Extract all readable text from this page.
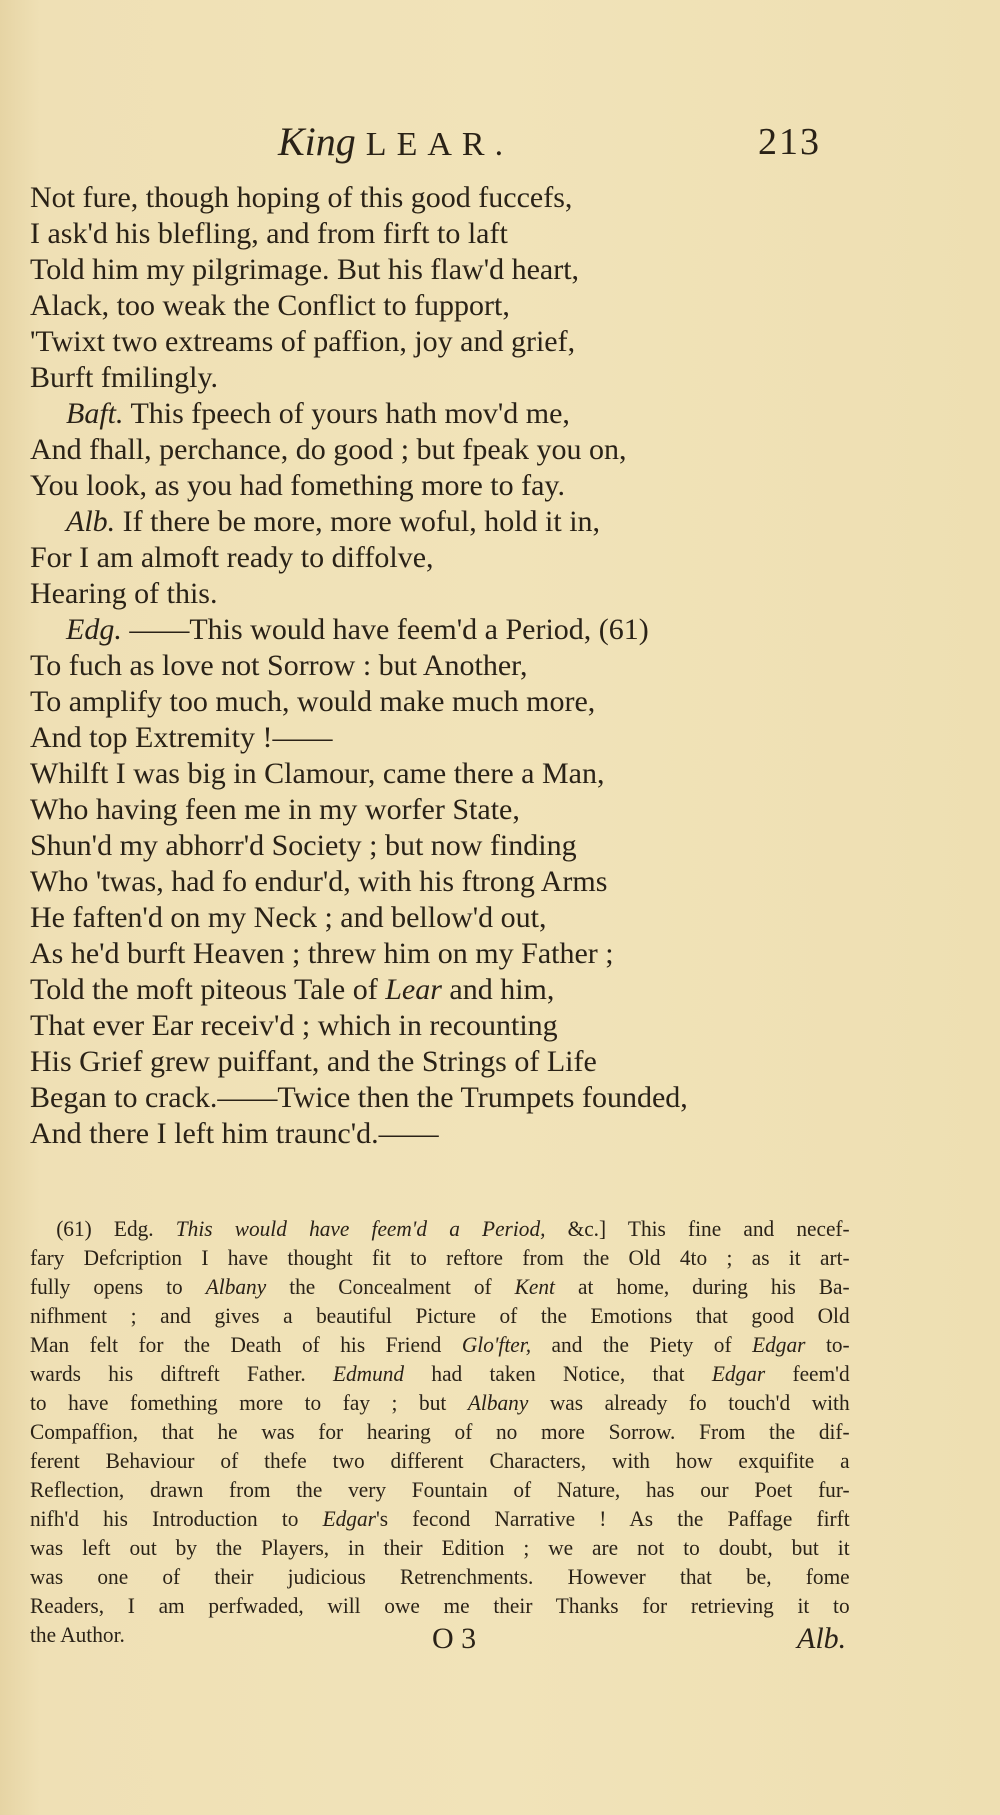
King LEAR.	213
Not fure, though hoping of this good fuccefs,
I ask'd his blefling, and from firft to laft
Told him my pilgrimage. But his flaw'd heart,
Alack, too weak the Conflict to fupport,
'Twixt two extreams of paffion, joy and grief,
Burft fmilingly.
Baft. This fpeech of yours hath mov'd me,
And fhall, perchance, do good ; but fpeak you on,
You look, as you had fomething more to fay.
Alb. If there be more, more woful, hold it in,
For I am almoft ready to diffolve,
Hearing of this.
Edg. ——This would have feem'd a Period, (61)
To fuch as love not Sorrow : but Another,
To amplify too much, would make much more,
And top Extremity !——
Whilft I was big in Clamour, came there a Man,
Who having feen me in my worfer State,
Shun'd my abhorr'd Society ; but now finding
Who 'twas, had fo endur'd, with his ftrong Arms
He faften'd on my Neck ; and bellow'd out,
As he'd burft Heaven ; threw him on my Father ;
Told the moft piteous Tale of Lear and him,
That ever Ear receiv'd ; which in recounting
His Grief grew puiffant, and the Strings of Life
Began to crack.——Twice then the Trumpets founded,
And there I left him traunc'd.——
(61) Edg. This would have feem'd a Period, &c.] This fine and necef-
fary Defcription I have thought fit to reftore from the Old 4to ; as it art-
fully opens to Albany the Concealment of Kent at home, during his Ba-
nifhment ; and gives a beautiful Picture of the Emotions that good Old
Man felt for the Death of his Friend Glo'fter, and the Piety of Edgar to-
wards his diftreft Father. Edmund had taken Notice, that Edgar feem'd
to have fomething more to fay ; but Albany was already fo touch'd with
Compaffion, that he was for hearing of no more Sorrow. From the dif-
ferent Behaviour of thefe two different Characters, with how exquifite a
Reflection, drawn from the very Fountain of Nature, has our Poet fur-
nifh'd his Introduction to Edgar's fecond Narrative ! As the Paffage firft
was left out by the Players, in their Edition ; we are not to doubt, but it
was one of their judicious Retrenchments. However that be, fome
Readers, I am perfwaded, will owe me their Thanks for retrieving it to
the Author.	O 3	Alb.
